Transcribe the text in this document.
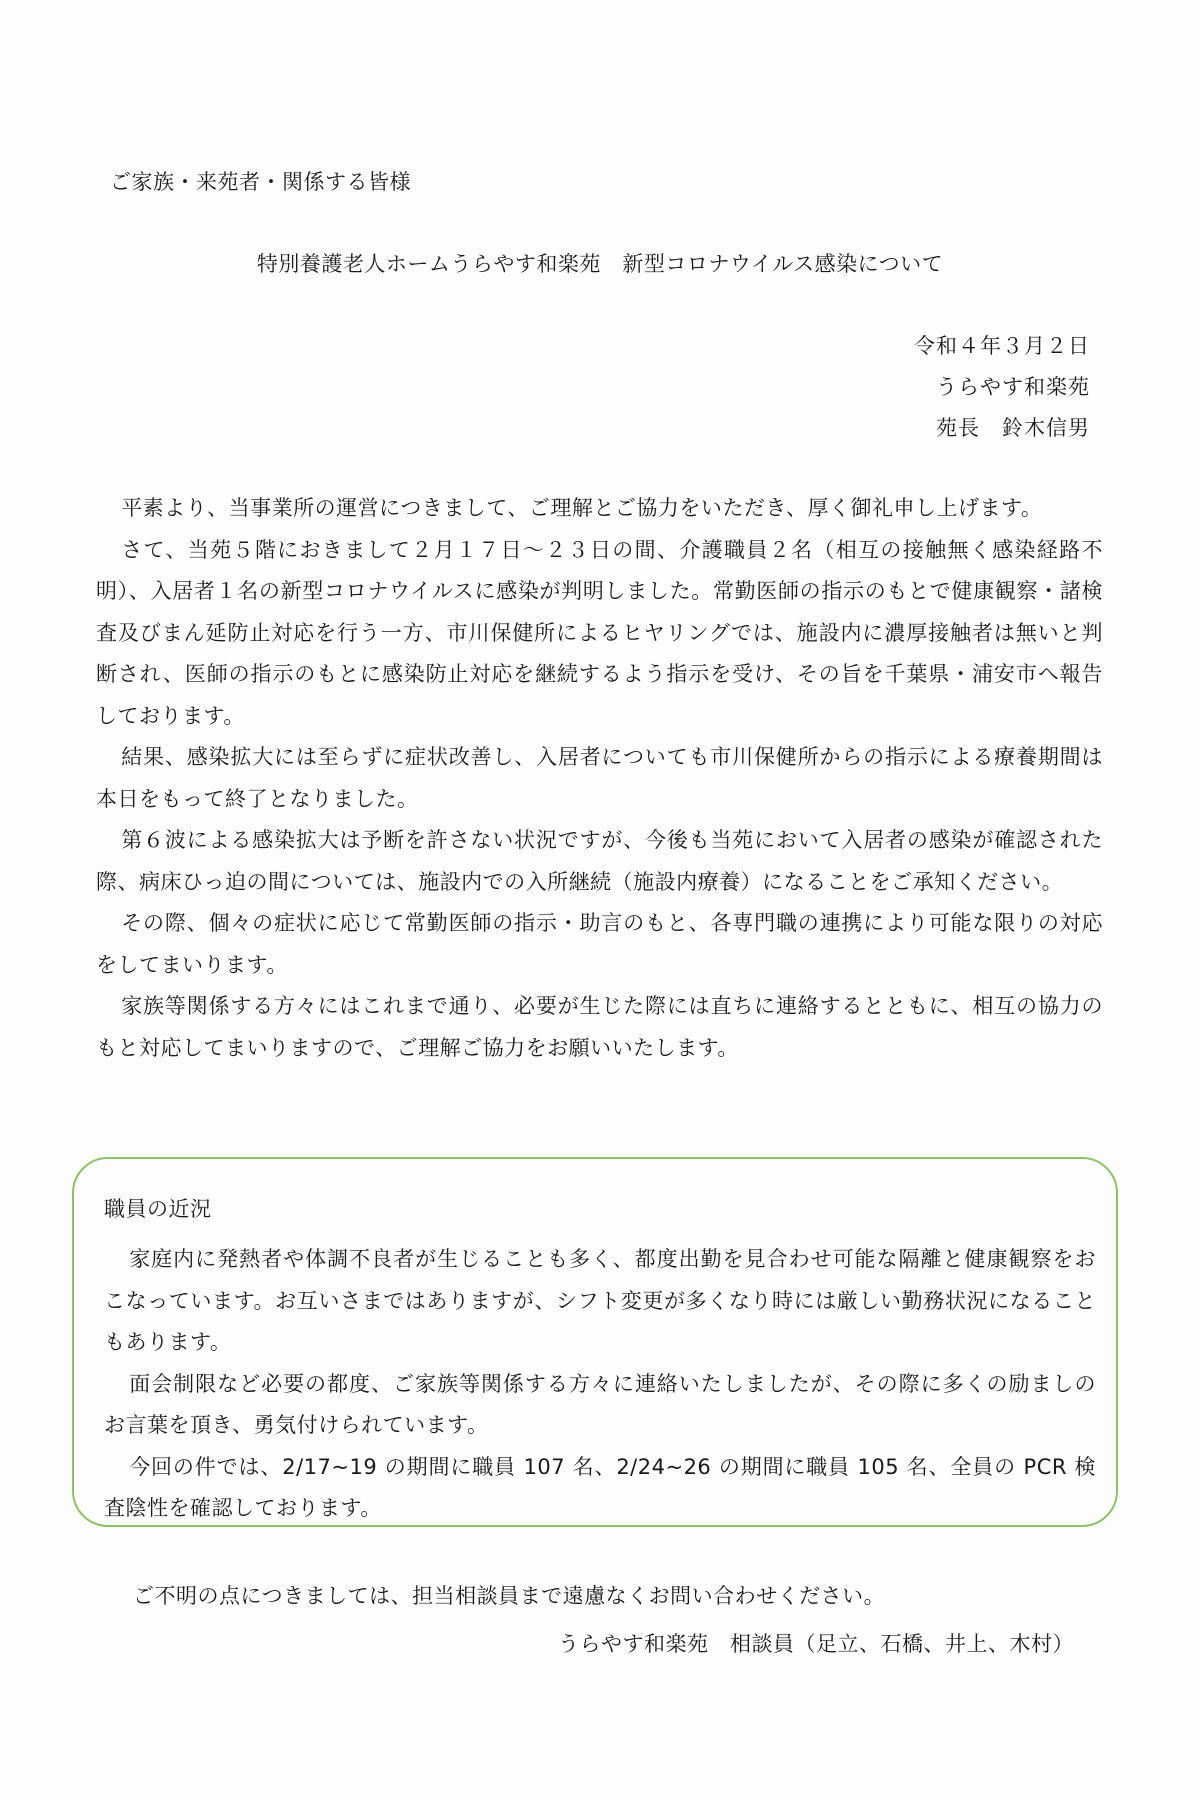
ご家族・来苑者・関係する皆様
特別養護老人ホームうらやす和楽苑　新型コロナウイルス感染について
令和４年３月２日
うらやす和楽苑
苑長　鈴木信男

平素より、当事業所の運営につきまして、ご理解とご協力をいただき、厚く御礼申し上げます。

さて、当苑５階におきまして２月１７日～２３日の間、介護職員２名（相互の接触無く感染経路不明）、入居者１名の新型コロナウイルスに感染が判明しました。常勤医師の指示のもとで健康観察・諸検査及びまん延防止対応を行う一方、市川保健所によるヒヤリングでは、施設内に濃厚接触者は無いと判断され、医師の指示のもとに感染防止対応を継続するよう指示を受け、その旨を千葉県・浦安市へ報告しております。

結果、感染拡大には至らずに症状改善し、入居者についても市川保健所からの指示による療養期間は本日をもって終了となりました。

第６波による感染拡大は予断を許さない状況ですが、今後も当苑において入居者の感染が確認された際、病床ひっ迫の間については、施設内での入所継続（施設内療養）になることをご承知ください。

その際、個々の症状に応じて常勤医師の指示・助言のもと、各専門職の連携により可能な限りの対応をしてまいります。

家族等関係する方々にはこれまで通り、必要が生じた際には直ちに連絡するとともに、相互の協力のもと対応してまいりますので、ご理解ご協力をお願いいたします。

職員の近況

家庭内に発熱者や体調不良者が生じることも多く、都度出勤を見合わせ可能な隔離と健康観察をおこなっています。お互いさまではありますが、シフト変更が多くなり時には厳しい勤務状況になることもあります。

面会制限など必要の都度、ご家族等関係する方々に連絡いたしましたが、その際に多くの励ましのお言葉を頂き、勇気付けられています。

今回の件では、2/17~19 の期間に職員 107 名、2/24~26 の期間に職員 105 名、全員の PCR 検査陰性を確認しております。

ご不明の点につきましては、担当相談員まで遠慮なくお問い合わせください。
うらやす和楽苑　相談員（足立、石橋、井上、木村）
